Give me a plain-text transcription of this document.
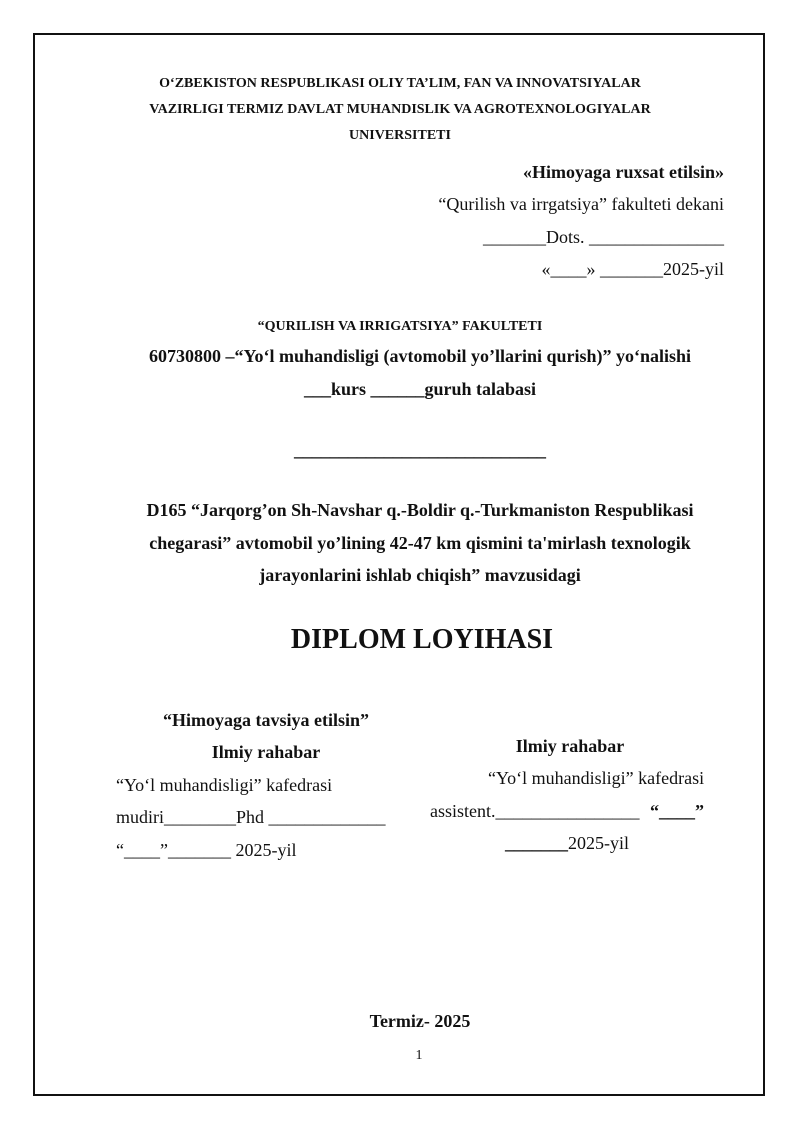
O‘ZBEKISTON RESPUBLIKASI OLIY TA’LIM, FAN VA INNOVATSIYALAR
VAZIRLIGI TERMIZ DAVLAT MUHANDISLIK VA AGROTEXNOLOGIYALAR
UNIVERSITETI
«Himoyaga ruxsat etilsin»
“Qurilish va irrgatsiya” fakulteti dekani
_______Dots. _______________
«____» _______2025-yil
“QURILISH VA IRRIGATSIYA” FAKULTETI
60730800 –“Yo‘l muhandisligi (avtomobil yo’llarini qurish)” yo‘nalishi
___kurs ______guruh talabasi
____________________________
D165 “Jarqorg’on Sh-Navshar q.-Boldir q.-Turkmaniston Respublikasi
chegarasi” avtomobil yo’lining 42-47 km qismini ta'mirlash texnologik
jarayonlarini ishlab chiqish” mavzusidagi
DIPLOM LOYIHASI
“Himoyaga tavsiya etilsin”
Ilmiy rahabar
“Yo‘l muhandisligi” kafedrasi
mudiri________Phd _____________
“____”_______ 2025-yil
Ilmiy rahabar
“Yo‘l muhandisligi” kafedrasi
assistent.________________ “____”
_______2025-yil
Termiz- 2025
1
